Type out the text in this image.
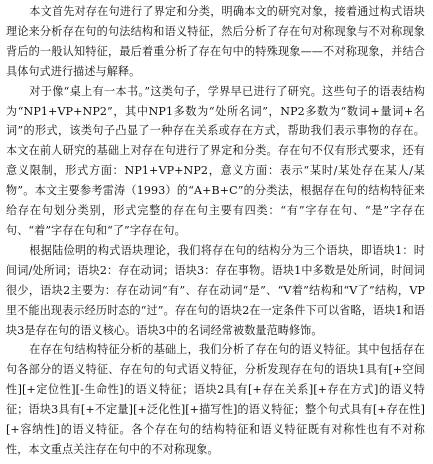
本文首先对存在句进行了界定和分类，明确本文的研究对象，接着通过构式语块理论来分析存在句的句法结构和语义特征，然后分析了存在句对称现象与不对称现象背后的一般认知特征，最后着重分析了存在句中的特殊现象——不对称现象，并结合具体句式进行描述与解释。

对于像“桌上有一本书。”这类句子，学界早已进行了研究。这些句子的语表结构为“NP1+VP+NP2”，其中NP1多数为“处所名词”，NP2多数为“数词+量词+名词”的形式，该类句子凸显了一种存在关系或存在方式，帮助我们表示事物的存在。本文在前人研究的基础上对存在句进行了界定和分类。存在句不仅有形式要求，还有意义限制，形式方面：NP1+VP+NP2，意义方面：表示“某时/某处存在某人/某物”。本文主要参考雷涛（1993）的“A+B+C”的分类法，根据存在句的结构特征来给存在句划分类别，形式完整的存在句主要有四类：“有”字存在句、“是”字存在句、“着”字存在句和“了”字存在句。

根据陆俭明的构式语块理论，我们将存在句的结构分为三个语块，即语块1：时间词/处所词；语块2：存在动词；语块3：存在事物。语块1中多数是处所词，时间词很少，语块2主要为：存在动词“有”、存在动词“是”、“V着”结构和“V了”结构，VP里不能出现表示经历时态的“过”。存在句的语块2在一定条件下可以省略，语块1和语块3是存在句的语义核心。语块3中的名词经常被数量范畴修饰。

在存在句结构特征分析的基础上，我们分析了存在句的语义特征。其中包括存在句各部分的语义特征、存在句的句式语义特征，分析发现存在句的语块1具有[+空间性][+定位性][-生命性]的语义特征；语块2具有[+存在关系][+存在方式]的语义特征；语块3具有[+不定量][+泛化性][+描写性]的语义特征；整个句式具有[+存在性][+容纳性]的语义特征。各个存在句的结构特征和语义特征既有对称性也有不对称性，本文重点关注存在句中的不对称现象。
